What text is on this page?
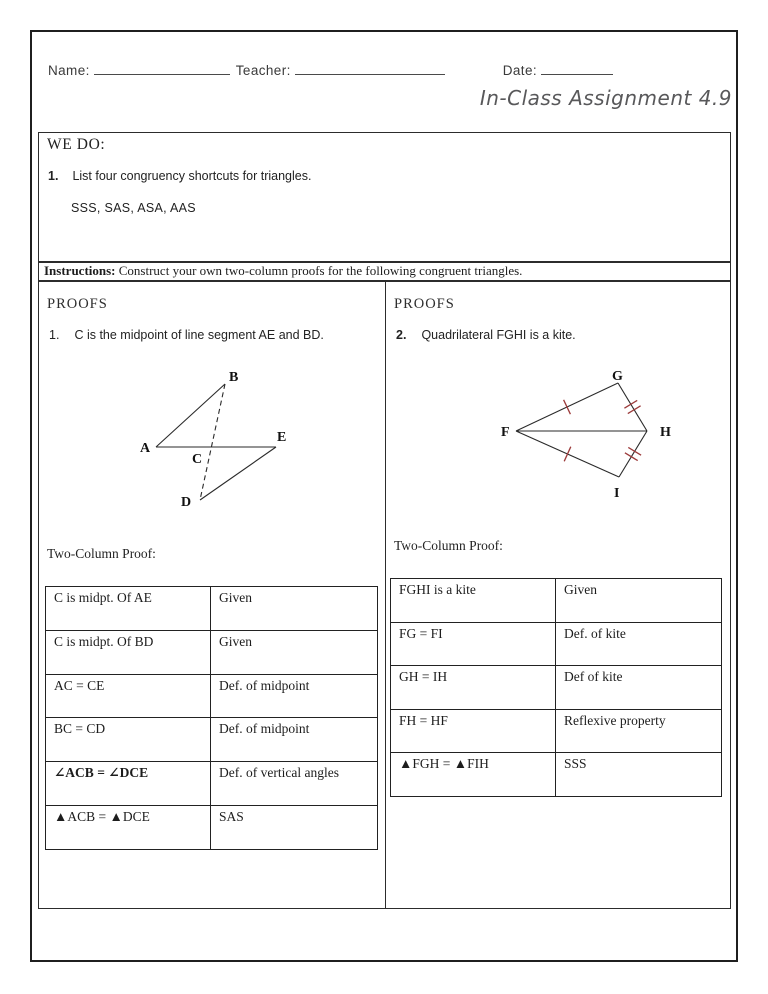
Name:	Teacher:	Date:
In-Class Assignment 4.9
WE DO:
1. List four congruency shortcuts for triangles.
SSS, SAS, ASA, AAS
Instructions: Construct your own two-column proofs for the following congruent triangles.
PROOFS
1. C is the midpoint of line segment AE and BD.
A
B
C
D
E
Two-Column Proof:
C is midpt. Of AE	Given
C is midpt. Of BD	Given
AC = CE	Def. of midpoint
BC = CD	Def. of midpoint
∠ACB = ∠DCE	Def. of vertical angles
▲ACB = ▲DCE	SAS
PROOFS
2. Quadrilateral FGHI is a kite.
F
G
H
I
Two-Column Proof:
FGHI is a kite	Given
FG = FI	Def. of kite
GH = IH	Def of kite
FH = HF	Reflexive property
▲FGH = ▲FIH	SSS
